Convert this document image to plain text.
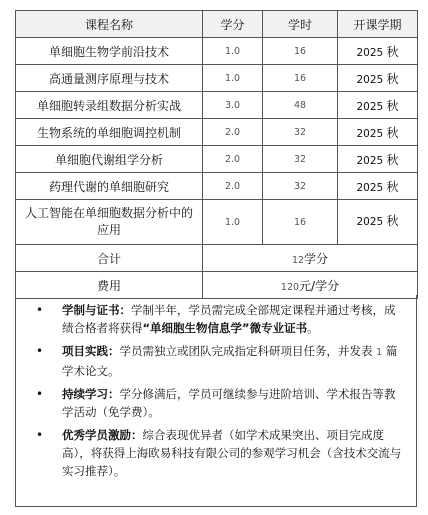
课程名称	学分	学时	开课学期
单细胞生物学前沿技术	1.0	16	2025 秋
高通量测序原理与技术	1.0	16	2025 秋
单细胞转录组数据分析实战	3.0	48	2025 秋
生物系统的单细胞调控机制	2.0	32	2025 秋
单细胞代谢组学分析	2.0	32	2025 秋
药理代谢的单细胞研究	2.0	32	2025 秋
人工智能在单细胞数据分析中的
应用	1.0	16	2025 秋
合计	12学分		
费用	120元/学分		
• 学制与证书：学制半年，学员需完成全部规定课程并通过考核，成绩合格者将获得“单细胞生物信息学”微专业证书。
• 项目实践：学员需独立或团队完成指定科研项目任务，并发表 1 篇学术论文。
• 持续学习：学分修满后，学员可继续参与进阶培训、学术报告等教学活动（免学费）。
• 优秀学员激励：综合表现优异者（如学术成果突出、项目完成度高），将获得上海欧易科技有限公司的参观学习机会（含技术交流与实习推荐）。
